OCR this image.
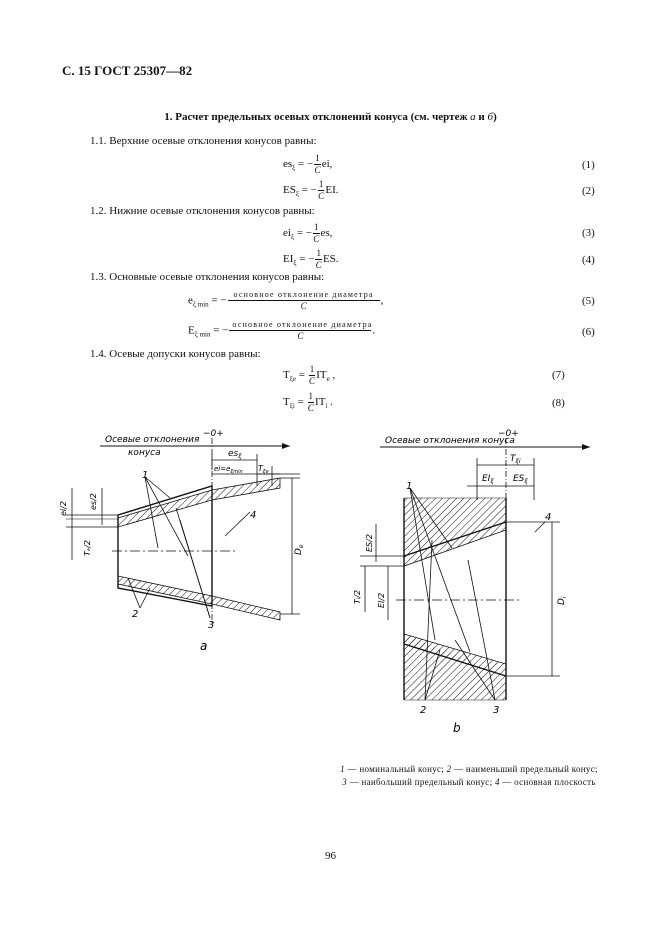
С. 15 ГОСТ 25307—82
1. Расчет предельных осевых отклонений конуса (см. чертеж а и б)
1.1. Верхние осевые отклонения конусов равны:
1.2. Нижние осевые отклонения конусов равны:
1.3. Основные осевые отклонения конусов равны:
1.4. Осевые допуски конусов равны:
$es_\xi$ = − $\frac{1}{C}$ ei,	(1)
$ES_\xi$ = − $\frac{1}{C}$ EI.	(2)
$ei_\xi$ = − $\frac{1}{C}$ es,	(3)
$EI_\xi$ = − $\frac{1}{C}$ ES.	(4)
$e_{\xi min}$ = − $\frac{\text{основное отклонение диаметра}}{C}$ ,	(5)
$E_{\xi min}$ = − $\frac{\text{основное отклонение диаметра}}{C}$ .	(6)
$T_{\xi e} = \frac{1}{C} IT_e$ ,	(7)
$T_{\xi i} = \frac{1}{C} IT_i$ .	(8)
Осевые отклонения
конуса
−0+
$es_\xi$
$ei=e_{\xi min}$ $T_{\xi e}$
ei/2	es/2
Tₑ/2	$D_e$
1
2
3
4
a
Осевые отклонения конуса
−0+
$T_{\xi i}$
$EI_\xi$ $ES_\xi$
ES/2
Tᵢ/2 EI/2	$D_i$
1
2	3
4
b
1 — номинальный конус; 2 — наименьший предельный конус; 3 — наибольший предельный конус; 4 — основная плоскость
96
